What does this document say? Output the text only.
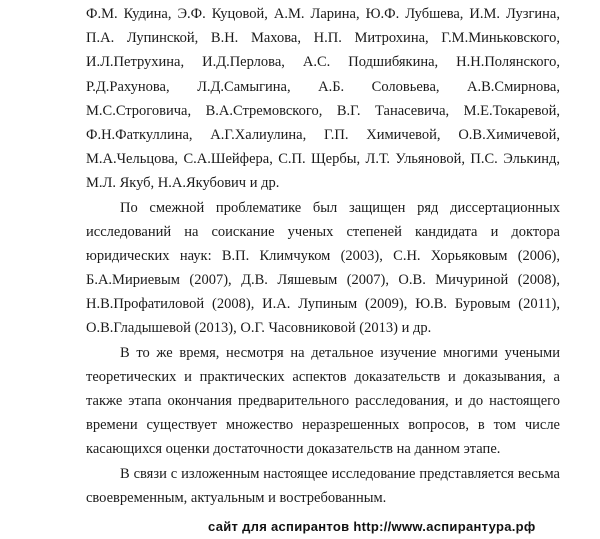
Ф.М. Кудина, Э.Ф. Куцовой, А.М. Ларина, Ю.Ф. Лубшева, И.М. Лузгина,
П.А. Лупинской, В.Н. Махова, Н.П. Митрохина, Г.М.Миньковского,
И.Л.Петрухина, И.Д.Перлова, А.С. Подшибякина, Н.Н.Полянского,
Р.Д.Рахунова, Л.Д.Самыгина, А.Б. Соловьева, А.В.Смирнова,
М.С.Строговича, В.А.Стремовского, В.Г. Танасевича, М.Е.Токаревой,
Ф.Н.Фаткуллина, А.Г.Халиулина, Г.П. Химичевой, О.В.Химичевой,
М.А.Чельцова, С.А.Шейфера, С.П. Щербы, Л.Т. Ульяновой, П.С. Элькинд,
М.Л. Якуб, Н.А.Якубович и др.
По смежной проблематике был защищен ряд диссертационных
исследований на соискание ученых степеней кандидата и доктора
юридических наук: В.П. Климчуком (2003), С.Н. Хорьяковым (2006),
Б.А.Мириевым (2007), Д.В. Ляшевым (2007), О.В. Мичуриной (2008),
Н.В.Профатиловой (2008), И.А. Лупиным (2009), Ю.В. Буровым (2011),
О.В.Гладышевой (2013), О.Г. Часовниковой (2013) и др.
В то же время, несмотря на детальное изучение многими учеными
теоретических и практических аспектов доказательств и доказывания, а
также этапа окончания предварительного расследования, и до настоящего
времени существует множество неразрешенных вопросов, в том числе
касающихся оценки достаточности доказательств на данном этапе.
В связи с изложенным настоящее исследование представляется весьма
своевременным, актуальным и востребованным.
сайт для аспирантов http://www.аспирантура.рф
